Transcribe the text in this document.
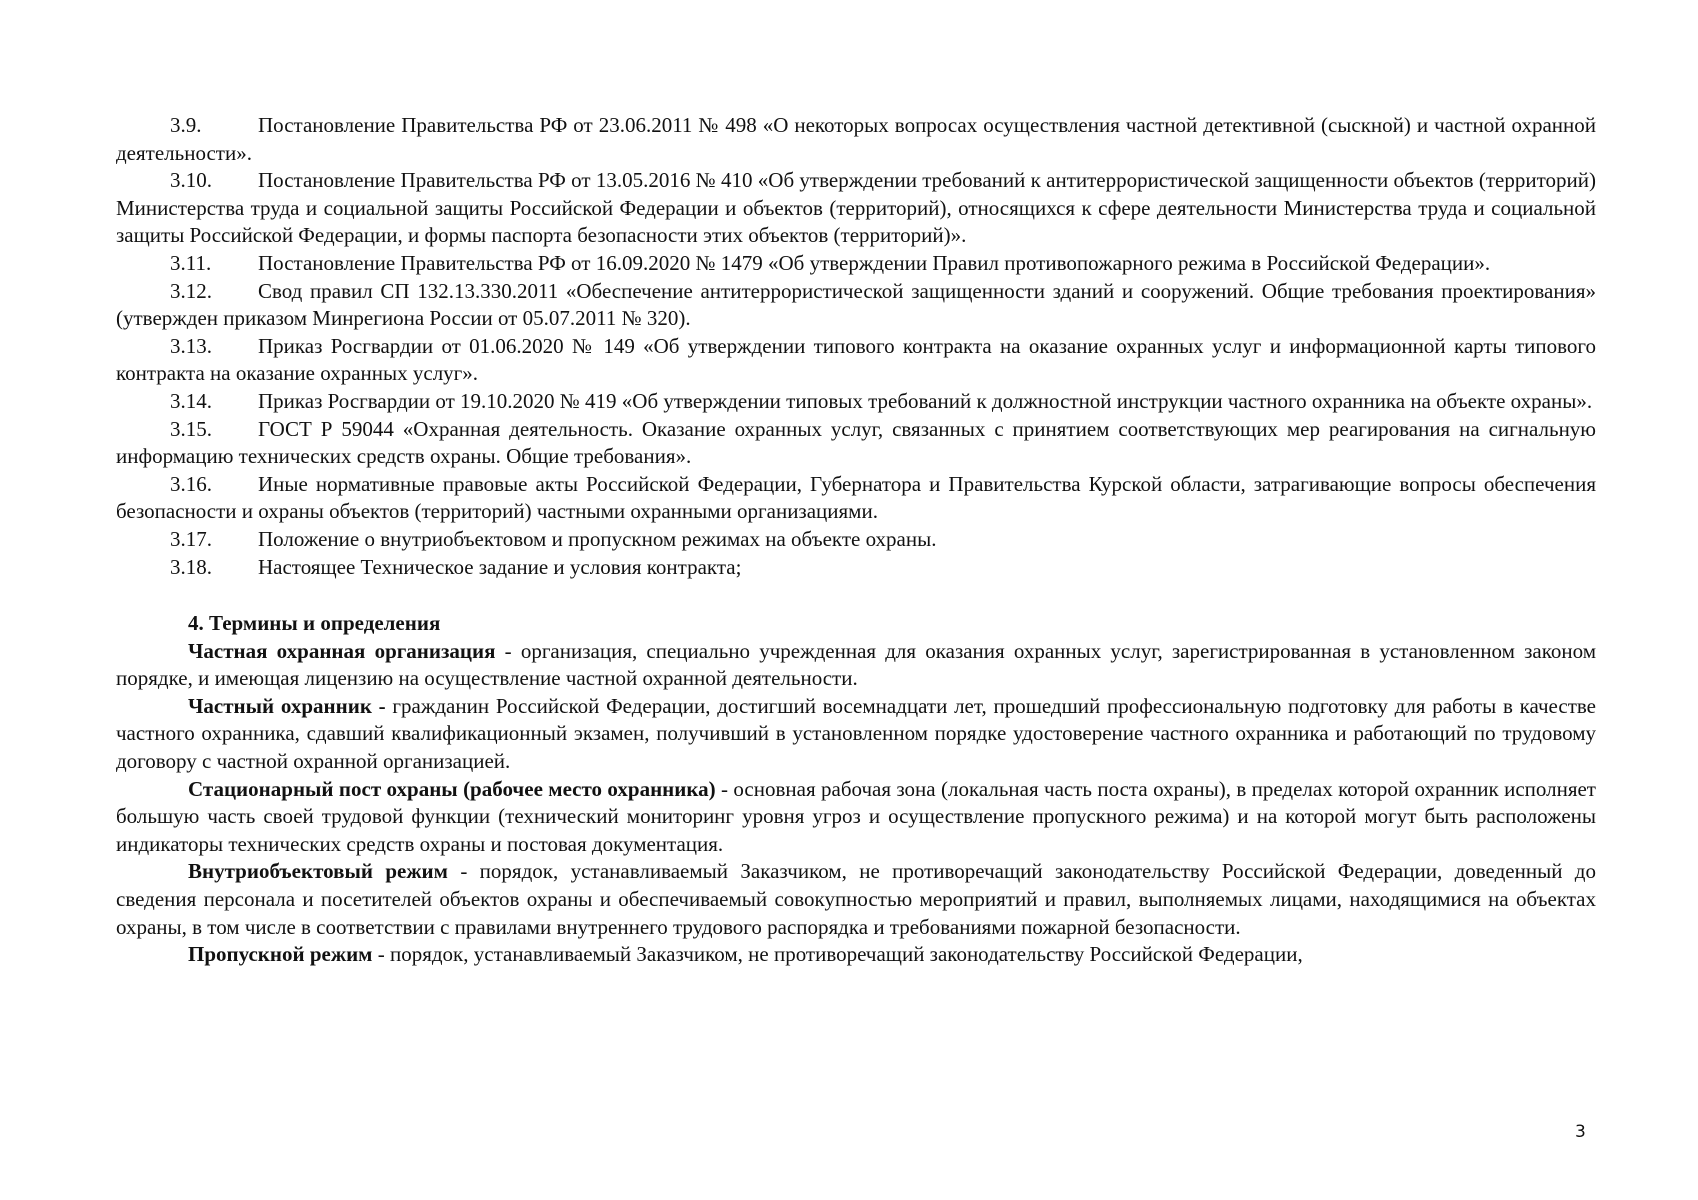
3.9.	Постановление Правительства РФ от 23.06.2011 № 498 «О некоторых вопросах осуществления частной детективной (сыскной) и частной охранной деятельности».

3.10. Постановление Правительства РФ от 13.05.2016 № 410 «Об утверждении требований к антитеррористической защищенности объектов (территорий) Министерства труда и социальной защиты Российской Федерации и объектов (территорий), относящихся к сфере деятельности Министерства труда и социальной защиты Российской Федерации, и формы паспорта безопасности этих объектов (территорий)».

3.11. Постановление Правительства РФ от 16.09.2020 № 1479 «Об утверждении Правил противопожарного режима в Российской Федерации».

3.12. Свод правил СП 132.13.330.2011 «Обеспечение антитеррористической защищенности зданий и сооружений. Общие требования проектирования» (утвержден приказом Минрегиона России от 05.07.2011 № 320).

3.13. Приказ Росгвардии от 01.06.2020 № 149 «Об утверждении типового контракта на оказание охранных услуг и информационной карты типового контракта на оказание охранных услуг».

3.14. Приказ Росгвардии от 19.10.2020 № 419 «Об утверждении типовых требований к должностной инструкции частного охранника на объекте охраны».

3.15. ГОСТ Р 59044 «Охранная деятельность. Оказание охранных услуг, связанных с принятием соответствующих мер реагирования на сигнальную информацию технических средств охраны. Общие требования».

3.16. Иные нормативные правовые акты Российской Федерации, Губернатора и Правительства Курской области, затрагивающие вопросы обеспечения безопасности и охраны объектов (территорий) частными охранными организациями.

3.17. Положение о внутриобъектовом и пропускном режимах на объекте охраны.

3.18. Настоящее Техническое задание и условия контракта;

4. Термины и определения

Частная охранная организация - организация, специально учрежденная для оказания охранных услуг, зарегистрированная в установленном законом порядке, и имеющая лицензию на осуществление частной охранной деятельности.

Частный охранник - гражданин Российской Федерации, достигший восемнадцати лет, прошедший профессиональную подготовку для работы в качестве частного охранника, сдавший квалификационный экзамен, получивший в установленном порядке удостоверение частного охранника и работающий по трудовому договору с частной охранной организацией.

Стационарный пост охраны (рабочее место охранника) - основная рабочая зона (локальная часть поста охраны), в пределах которой охранник исполняет большую часть своей трудовой функции (технический мониторинг уровня угроз и осуществление пропускного режима) и на которой могут быть расположены индикаторы технических средств охраны и постовая документация.

Внутриобъектовый режим - порядок, устанавливаемый Заказчиком, не противоречащий законодательству Российской Федерации, доведенный до сведения персонала и посетителей объектов охраны и обеспечиваемый совокупностью мероприятий и правил, выполняемых лицами, находящимися на объектах охраны, в том числе в соответствии с правилами внутреннего трудового распорядка и требованиями пожарной безопасности.

Пропускной режим - порядок, устанавливаемый Заказчиком, не противоречащий законодательству Российской Федерации,

3
